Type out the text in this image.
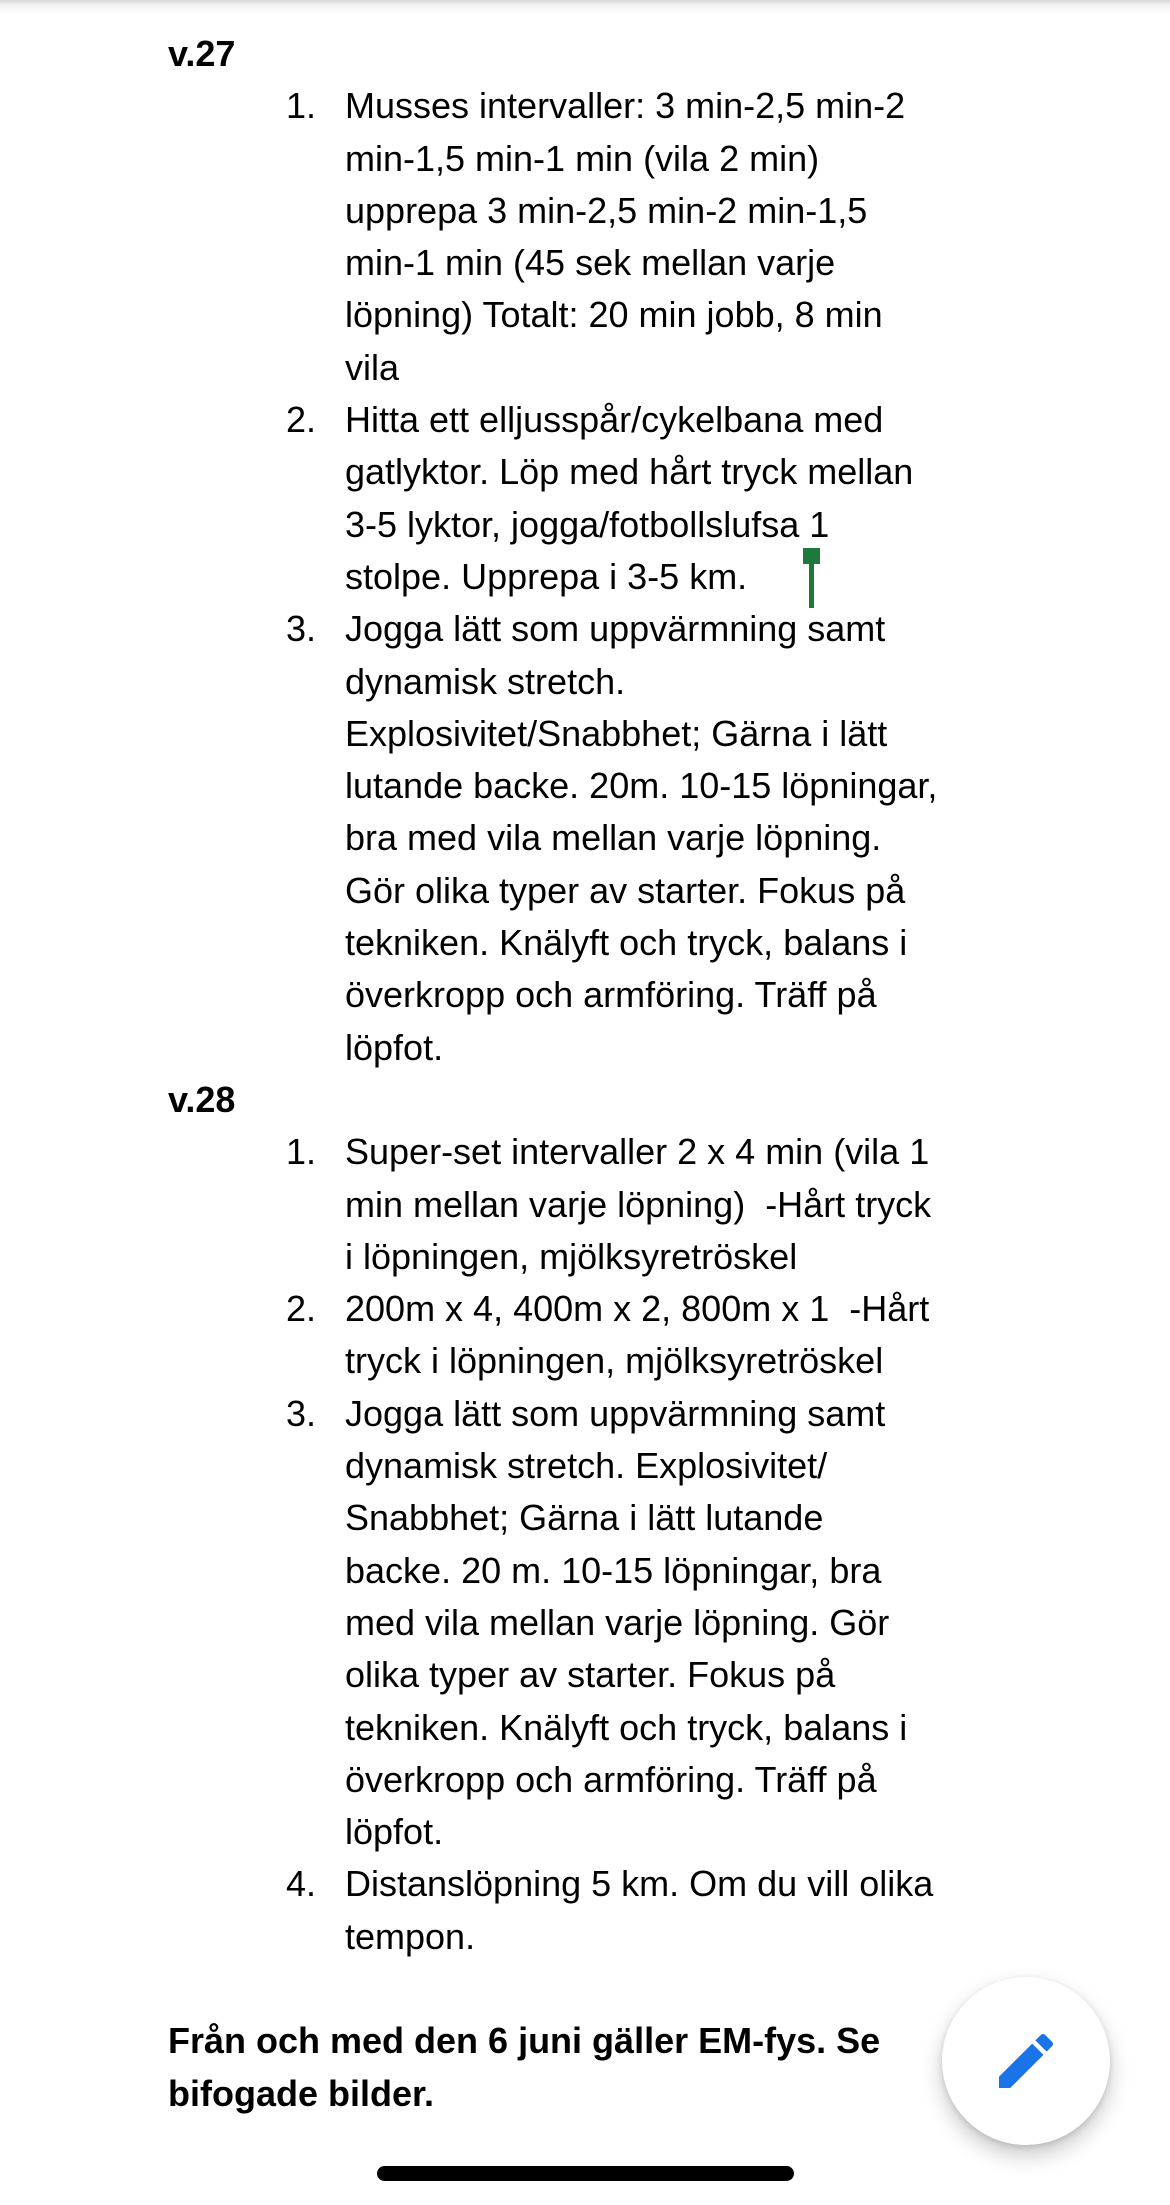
v.27
1. Musses intervaller: 3 min-2,5 min-2
min-1,5 min-1 min (vila 2 min)
upprepa 3 min-2,5 min-2 min-1,5
min-1 min (45 sek mellan varje
löpning) Totalt: 20 min jobb, 8 min
vila
2. Hitta ett elljusspår/cykelbana med
gatlyktor. Löp med hårt tryck mellan
3-5 lyktor, jogga/fotbollslufsa 1
stolpe. Upprepa i 3-5 km.
3. Jogga lätt som uppvärmning samt
dynamisk stretch.
Explosivitet/Snabbhet; Gärna i lätt
lutande backe. 20m. 10-15 löpningar,
bra med vila mellan varje löpning.
Gör olika typer av starter. Fokus på
tekniken. Knälyft och tryck, balans i
överkropp och armföring. Träff på
löpfot.
v.28
1. Super-set intervaller 2 x 4 min (vila 1
min mellan varje löpning)  -Hårt tryck
i löpningen, mjölksyretröskel
2. 200m x 4, 400m x 2, 800m x 1  -Hårt
tryck i löpningen, mjölksyretröskel
3. Jogga lätt som uppvärmning samt
dynamisk stretch. Explosivitet/
Snabbhet; Gärna i lätt lutande
backe. 20 m. 10-15 löpningar, bra
med vila mellan varje löpning. Gör
olika typer av starter. Fokus på
tekniken. Knälyft och tryck, balans i
överkropp och armföring. Träff på
löpfot.
4. Distanslöpning 5 km. Om du vill olika
tempon.
Från och med den 6 juni gäller EM-fys. Se
bifogade bilder.
